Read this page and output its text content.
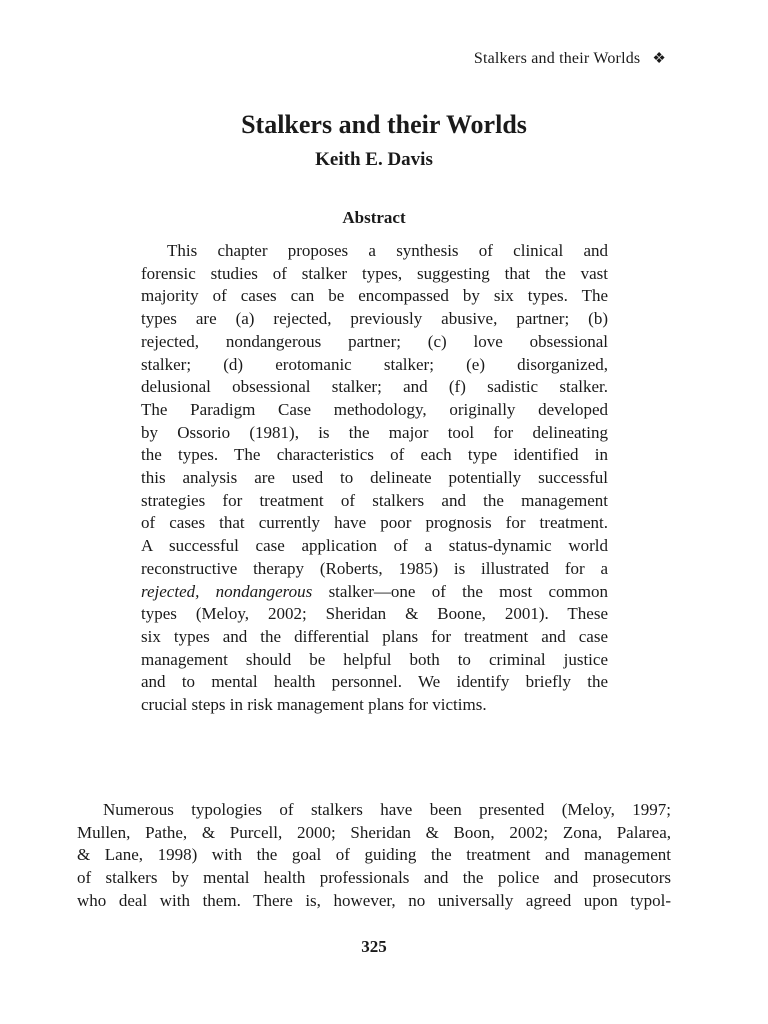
Stalkers and their Worlds ❖
Stalkers and their Worlds
Keith E. Davis
Abstract
This chapter proposes a synthesis of clinical and
forensic studies of stalker types, suggesting that the vast
majority of cases can be encompassed by six types. The
types are (a) rejected, previously abusive, partner; (b)
rejected, nondangerous partner; (c) love obsessional
stalker; (d) erotomanic stalker; (e) disorganized,
delusional obsessional stalker; and (f) sadistic stalker.
The Paradigm Case methodology, originally developed
by Ossorio (1981), is the major tool for delineating
the types. The characteristics of each type identified in
this analysis are used to delineate potentially successful
strategies for treatment of stalkers and the management
of cases that currently have poor prognosis for treatment.
A successful case application of a status-dynamic world
reconstructive therapy (Roberts, 1985) is illustrated for a
rejected, nondangerous stalker—one of the most common
types (Meloy, 2002; Sheridan & Boone, 2001). These
six types and the differential plans for treatment and case
management should be helpful both to criminal justice
and to mental health personnel. We identify briefly the
crucial steps in risk management plans for victims.
Numerous typologies of stalkers have been presented (Meloy, 1997;
Mullen, Pathe, & Purcell, 2000; Sheridan & Boon, 2002; Zona, Palarea,
& Lane, 1998) with the goal of guiding the treatment and management
of stalkers by mental health professionals and the police and prosecutors
who deal with them. There is, however, no universally agreed upon typol-
325
